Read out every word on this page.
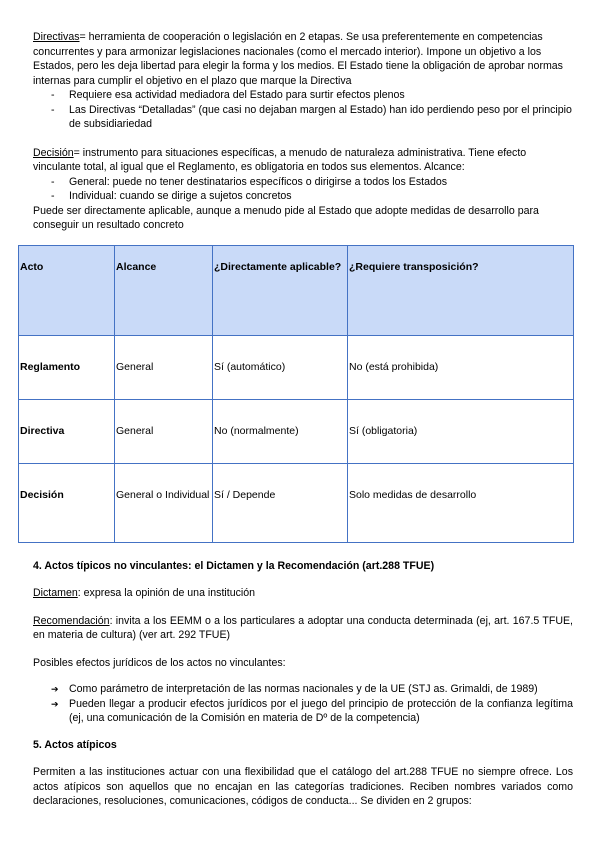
Directivas= herramienta de cooperación o legislación en 2 etapas. Se usa preferentemente en competencias concurrentes y para armonizar legislaciones nacionales (como el mercado interior). Impone un objetivo a los Estados, pero les deja libertad para elegir la forma y los medios. El Estado tiene la obligación de aprobar normas internas para cumplir el objetivo en el plazo que marque la Directiva

- Requiere esa actividad mediadora del Estado para surtir efectos plenos
- Las Directivas “Detalladas” (que casi no dejaban margen al Estado) han ido perdiendo peso por el principio de subsidiariedad

Decisión= instrumento para situaciones específicas, a menudo de naturaleza administrativa. Tiene efecto vinculante total, al igual que el Reglamento, es obligatoria en todos sus elementos. Alcance:

- General: puede no tener destinatarios específicos o dirigirse a todos los Estados
- Individual: cuando se dirige a sujetos concretos

Puede ser directamente aplicable, aunque a menudo pide al Estado que adopte medidas de desarrollo para conseguir un resultado concreto

Acto	Alcance	¿Directamente aplicable?	¿Requiere transposición?
Reglamento	General	Sí (automático)	No (está prohibida)
Directiva	General	No (normalmente)	Sí (obligatoria)
Decisión	General o Individual	Sí / Depende	Solo medidas de desarrollo
4. Actos típicos no vinculantes: el Dictamen y la Recomendación (art.288 TFUE)

Dictamen: expresa la opinión de una institución

Recomendación: invita a los EEMM o a los particulares a adoptar una conducta determinada (ej, art. 167.5 TFUE, en materia de cultura) (ver art. 292 TFUE)

Posibles efectos jurídicos de los actos no vinculantes:

➔ Como parámetro de interpretación de las normas nacionales y de la UE (STJ as. Grimaldi, de 1989)
➔ Pueden llegar a producir efectos jurídicos por el juego del principio de protección de la confianza legítima (ej, una comunicación de la Comisión en materia de Dº de la competencia)
5. Actos atípicos

Permiten a las instituciones actuar con una flexibilidad que el catálogo del art.288 TFUE no siempre ofrece. Los actos atípicos son aquellos que no encajan en las categorías tradiciones. Reciben nombres variados como declaraciones, resoluciones, comunicaciones, códigos de conducta... Se dividen en 2 grupos:
